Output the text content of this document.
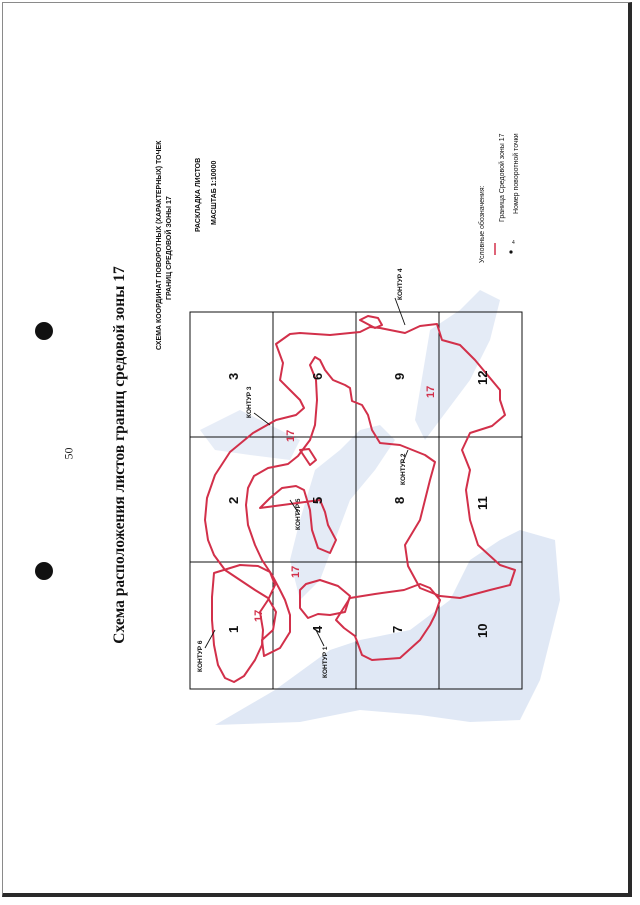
50 Схема расположения листов границ средовой зоны 17
СХЕМА КООРДИНАТ ПОВОРОТНЫХ (ХАРАКТЕРНЫХ) ТОЧЕК ГРАНИЦ СРЕДОВОЙ ЗОНЫ 17
РАСКЛАДКА ЛИСТОВ МАСШТАБ 1:10000	Условные обозначения:
Граница Средовой зоны 17 Номер поворотной точки
4
КОНТУР 6	КОНТУР 1
КОНТУР 3
КОНТУР 4
КОНТУР 5
КОНТУР 2
17
17
17
17
1
2
3
4
5
6
7
8
9
10
11
12
